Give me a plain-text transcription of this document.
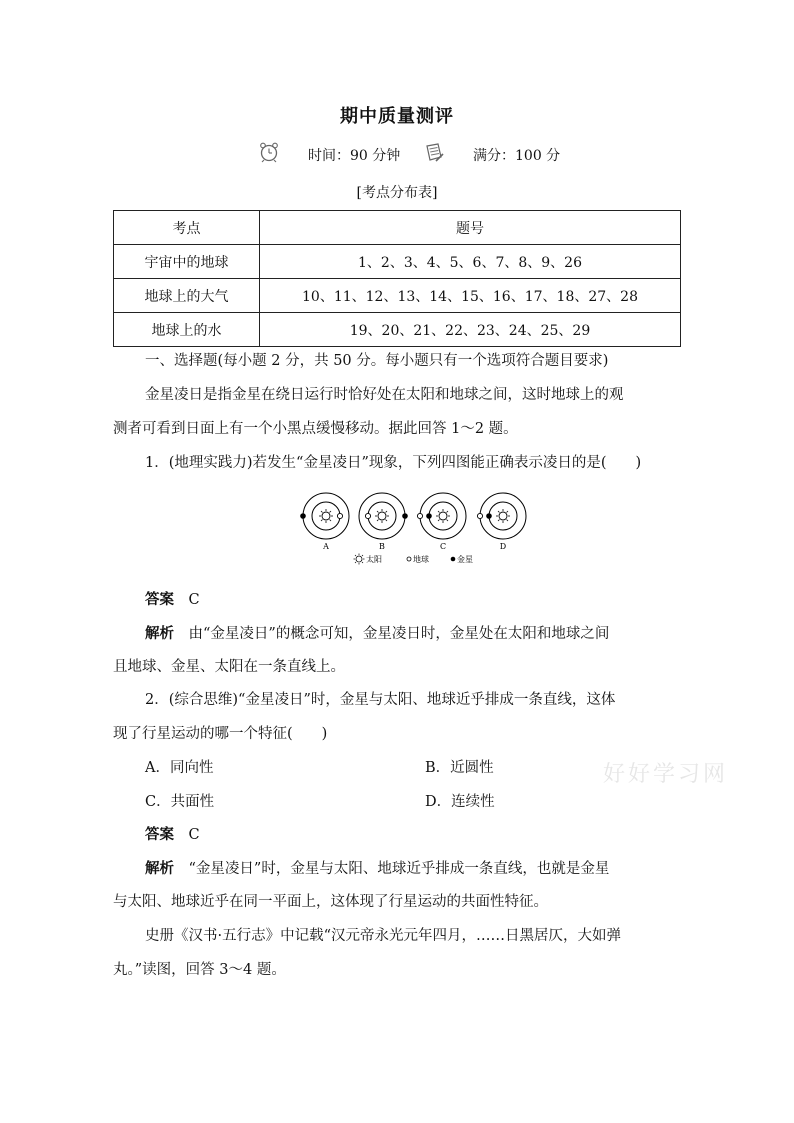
期中质量测评
时间：90 分钟	满分：100 分
[考点分布表]
考点	题号
宇宙中的地球	1、2、3、4、5、6、7、8、9、26
地球上的大气	10、11、12、13、14、15、16、17、18、27、28
地球上的水	19、20、21、22、23、24、25、29
一、选择题(每小题 2 分，共 50 分。每小题只有一个选项符合题目要求)
金星凌日是指金星在绕日运行时恰好处在太阳和地球之间，这时地球上的观
测者可看到日面上有一个小黑点缓慢移动。据此回答 1～2 题。
1．(地理实践力)若发生“金星凌日”现象，下列四图能正确表示凌日的是(　　)
A	B	C	D
太阳	地球	金星
答案　 C
解析　 由“金星凌日”的概念可知，金星凌日时，金星处在太阳和地球之间
且地球、金星、太阳在一条直线上。
2．(综合思维)“金星凌日”时，金星与太阳、地球近乎排成一条直线，这体
现了行星运动的哪一个特征(　　)
A．同向性	B．近圆性
C．共面性	D．连续性
答案　 C
解析　 “金星凌日”时，金星与太阳、地球近乎排成一条直线，也就是金星
与太阳、地球近乎在同一平面上，这体现了行星运动的共面性特征。
史册《汉书·五行志》中记载“汉元帝永光元年四月，……日黑居仄，大如弹
丸。”读图，回答 3～4 题。
好好学习网
